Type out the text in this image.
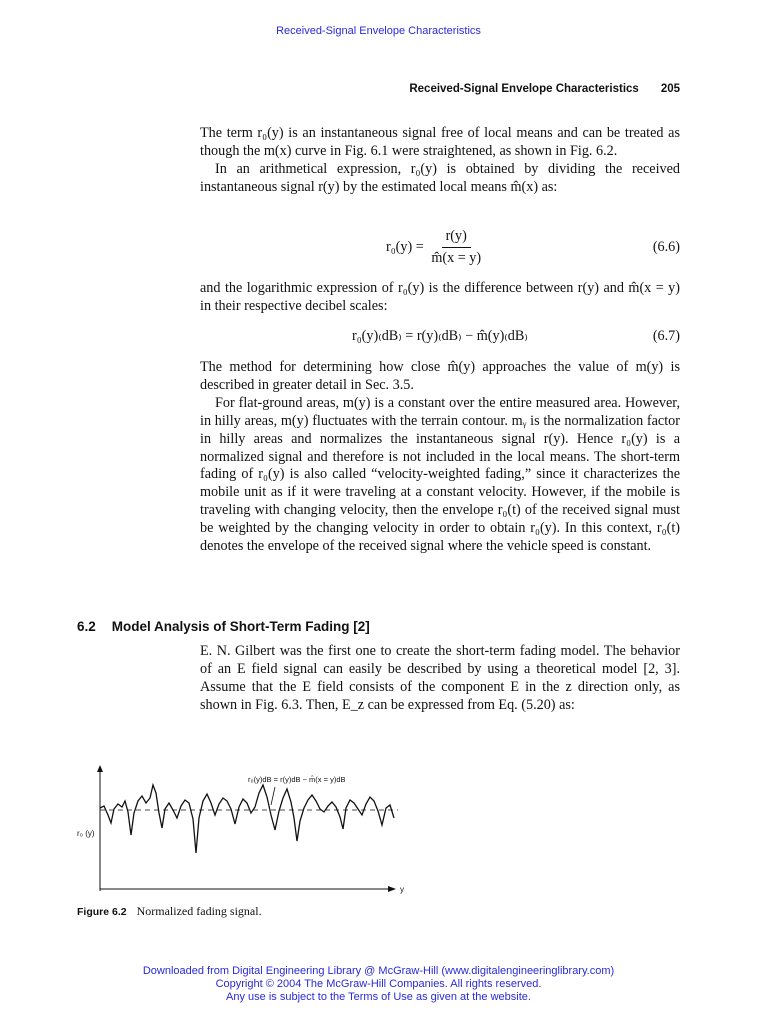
Received-Signal Envelope Characteristics
Received-Signal Envelope Characteristics 205

The term r₀(y) is an instantaneous signal free of local means and can be treated as though the m(x) curve in Fig. 6.1 were straightened, as shown in Fig. 6.2.

In an arithmetical expression, r₀(y) is obtained by dividing the received instantaneous signal r(y) by the estimated local means m̂(x) as:

$r_0(y) = \frac{r(y)}{m̂(x = y)}$	(6.6)

and the logarithmic expression of r₀(y) is the difference between r(y) and m̂(x = y) in their respective decibel scales:

r₀(y)₍dB₎ = r(y)₍dB₎ − m̂(y)₍dB₎	(6.7)

The method for determining how close m̂(y) approaches the value of m(y) is described in greater detail in Sec. 3.5.

For flat-ground areas, m(y) is a constant over the entire measured area. However, in hilly areas, m(y) fluctuates with the terrain contour. mᵧ is the normalization factor in hilly areas and normalizes the instantaneous signal r(y). Hence r₀(y) is a normalized signal and therefore is not included in the local means. The short-term fading of r₀(y) is also called “velocity-weighted fading,” since it characterizes the mobile unit as if it were traveling at a constant velocity. However, if the mobile is traveling with changing velocity, then the envelope r₀(t) of the received signal must be weighted by the changing velocity in order to obtain r₀(y). In this context, r₀(t) denotes the envelope of the received signal where the vehicle speed is constant.

6.2 Model Analysis of Short-Term Fading [2]

E. N. Gilbert was the first one to create the short-term fading model. The behavior of an E field signal can easily be described by using a theoretical model [2, 3]. Assume that the E field consists of the component E in the z direction only, as shown in Fig. 6.3. Then, E_z can be expressed from Eq. (5.20) as:

r₀(y)dB = r(y)dB − m̂(x = y)dB
r₀ (y)
y
Figure 6.2 Normalized fading signal.
Downloaded from Digital Engineering Library @ McGraw-Hill (www.digitalengineeringlibrary.com)
Copyright © 2004 The McGraw-Hill Companies. All rights reserved.
Any use is subject to the Terms of Use as given at the website.
